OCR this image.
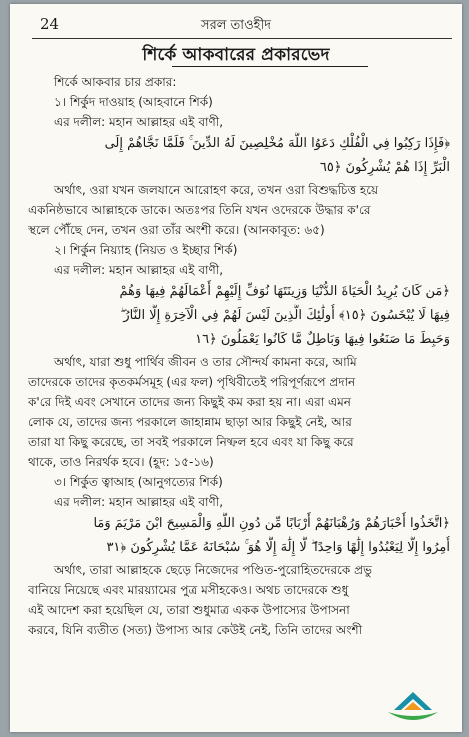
24	সরল তাওহীদ
শির্কে আকবারের প্রকারভেদ
শির্কে আকবার চার প্রকার:
১। শির্কুদ দাওয়াহ (আহবানে শির্ক)
এর দলীল: মহান আল্লাহর এই বাণী,
﴿فَإِذَا رَكِبُوا فِي الْفُلْكِ دَعَوُا اللَّهَ مُخْلِصِينَ لَهُ الدِّينَ ۚ فَلَمَّا نَجَّاهُمْ إِلَى
الْبَرِّ إِذَا هُمْ يُشْرِكُونَ ﴿٦٥
অর্থাৎ, ওরা যখন জলযানে আরোহণ করে, তখন ওরা বিশুদ্ধচিত্ত হয়ে
একনিষ্ঠভাবে আল্লাহকে ডাকে। অতঃপর তিনি যখন ওদেরকে উদ্ধার ক'রে
স্থলে পৌঁছে দেন, তখন ওরা তাঁর অংশী করে। (আনকাবূত: ৬৫)
২। শির্কুন নিয়্যাহ (নিয়ত ও ইচ্ছার শির্ক)
এর দলীল: মহান আল্লাহর এই বাণী,
﴿مَن كَانَ يُرِيدُ الْحَيَاةَ الدُّنْيَا وَزِينَتَهَا نُوَفِّ إِلَيْهِمْ أَعْمَالَهُمْ فِيهَا وَهُمْ
فِيهَا لَا يُبْخَسُونَ ﴿١٥﴾ أُولَٰئِكَ الَّذِينَ لَيْسَ لَهُمْ فِي الْآخِرَةِ إِلَّا النَّارُ ۖ
وَحَبِطَ مَا صَنَعُوا فِيهَا وَبَاطِلٌ مَّا كَانُوا يَعْمَلُونَ ﴿١٦
অর্থাৎ, যারা শুধু পার্থিব জীবন ও তার সৌন্দর্য কামনা করে, আমি
তাদেরকে তাদের কৃতকর্মসমূহ (এর ফল) পৃথিবীতেই পরিপূর্ণরূপে প্রদান
ক'রে দিই এবং সেখানে তাদের জন্য কিছুই কম করা হয় না। এরা এমন
লোক যে, তাদের জন্য পরকালে জাহান্নাম ছাড়া আর কিছুই নেই, আর
তারা যা কিছু করেছে, তা সবই পরকালে নিষ্ফল হবে এবং যা কিছু করে
থাকে, তাও নিরর্থক হবে। (হূদ: ১৫-১৬)
৩। শির্কুত ত্বাআহ (আনুগত্যের শির্ক)
এর দলীল: মহান আল্লাহর এই বাণী,
﴿اتَّخَذُوا أَحْبَارَهُمْ وَرُهْبَانَهُمْ أَرْبَابًا مِّن دُونِ اللَّهِ وَالْمَسِيحَ ابْنَ مَرْيَمَ وَمَا
أُمِرُوا إِلَّا لِيَعْبُدُوا إِلَٰهًا وَاحِدًا ۖ لَّا إِلَٰهَ إِلَّا هُوَ ۚ سُبْحَانَهُ عَمَّا يُشْرِكُونَ ﴿٣١
অর্থাৎ, তারা আল্লাহকে ছেড়ে নিজেদের পণ্ডিত-পুরোহিতদেরকে প্রভু
বানিয়ে নিয়েছে এবং মারয়্যামের পুত্র মসীহকেও। অথচ তাদেরকে শুধু
এই আদেশ করা হয়েছিল যে, তারা শুধুমাত্র একক উপাস্যের উপাসনা
করবে, যিনি ব্যতীত (সত্য) উপাস্য আর কেউই নেই, তিনি তাদের অংশী
